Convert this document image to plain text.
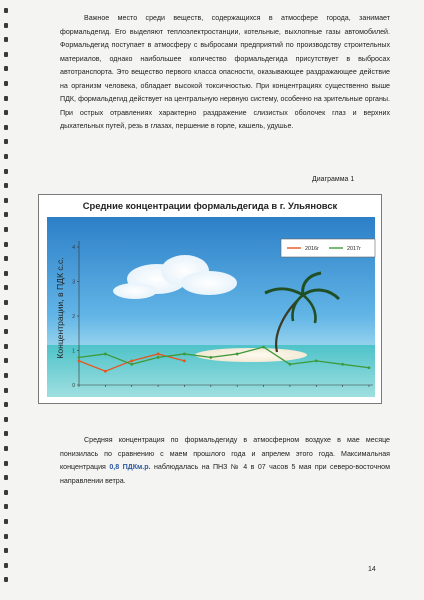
Важное место среди веществ, содержащихся в атмосфере города, занимает формальдегид. Его выделяют теплоэлектростанции, котельные, выхлопные газы автомобилей. Формальдегид поступает в атмосферу с выбросами предприятий по производству строительных материалов, однако наибольшее количество формальдегида присутствует в выбросах автотранспорта. Это вещество первого класса опасности, оказывающее раздражающее действие на организм человека, обладает высокой токсичностью. При концентрациях существенно выше ПДК, формальдегид действует на центральную нервную систему, особенно на зрительные органы. При острых отравлениях характерно раздражение слизистых оболочек глаз и верхних дыхательных путей, резь в глазах, першение в горле, кашель, удушье.

Диаграмма 1
Средние концентрации формальдегида в г. Ульяновск
0
1
2
3
4	2016г	2017г
Концентрации, в ПДК с.с.

Средняя концентрация по формальдегиду в атмосферном воздухе в мае месяце понизилась по сравнению с маем прошлого года и апрелем этого года. Максимальная концентрация 0,8 ПДКм.р. наблюдалась на ПНЗ № 4 в 07 часов 5 мая при северо-восточном направлении ветра.

14
